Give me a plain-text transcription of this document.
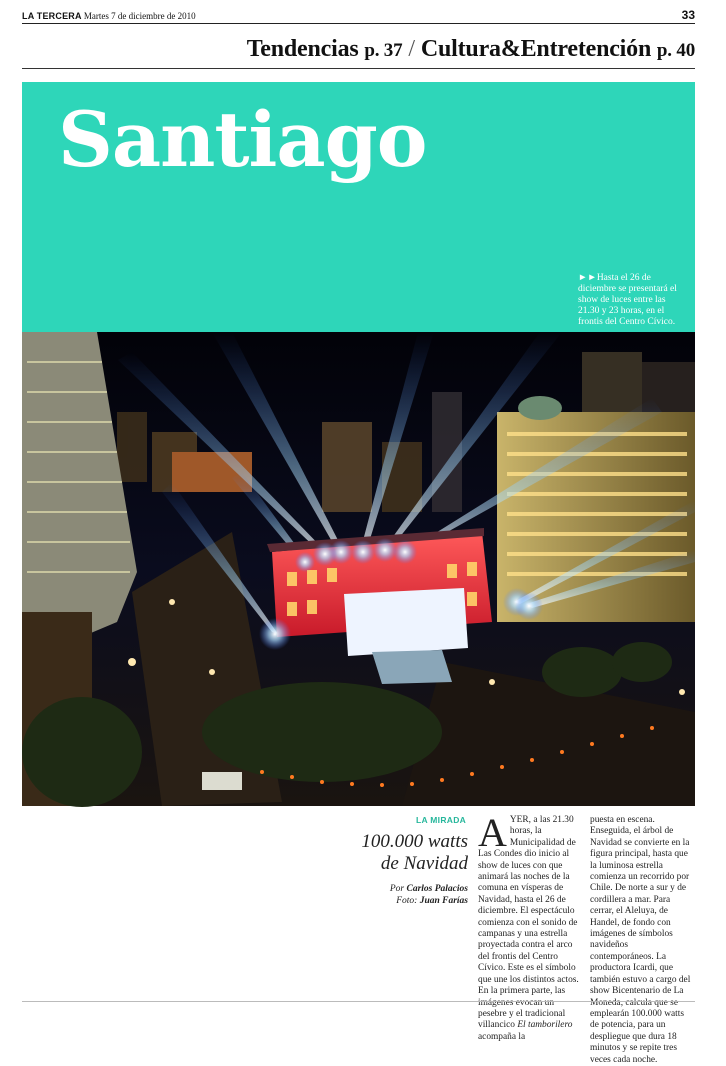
LA TERCERA Martes 7 de diciembre de 2010	33
Tendencias p. 37 / Cultura&Entretención p. 40
Santiago
►►Hasta el 26 de diciembre se presentará el show de luces entre las 21.30 y 23 horas, en el frontis del Centro Cívico.
LA MIRADA
100.000 watts
de Navidad
Por Carlos Palacios
Foto: Juan Farías
AYER, a las 21.30 horas, la Municipalidad de Las Condes dio inicio al show de luces con que animará las noches de la comuna en vísperas de Navidad, hasta el 26 de diciembre. El espectáculo comienza con el sonido de campanas y una estrella proyectada contra el arco del frontis del Centro Cívico. Este es el símbolo que une los distintos actos. En la primera parte, las imágenes evocan un pesebre y el tradicional villancico El tamborilero acompaña la
puesta en escena. Enseguida, el árbol de Navidad se convierte en la figura principal, hasta que la luminosa estrella comienza un recorrido por Chile. De norte a sur y de cordillera a mar. Para cerrar, el Aleluya, de Handel, de fondo con imágenes de símbolos navideños contemporáneos. La productora Icardi, que también estuvo a cargo del show Bicentenario de La Moneda, calcula que se emplearán 100.000 watts de potencia, para un despliegue que dura 18 minutos y se repite tres veces cada noche.
